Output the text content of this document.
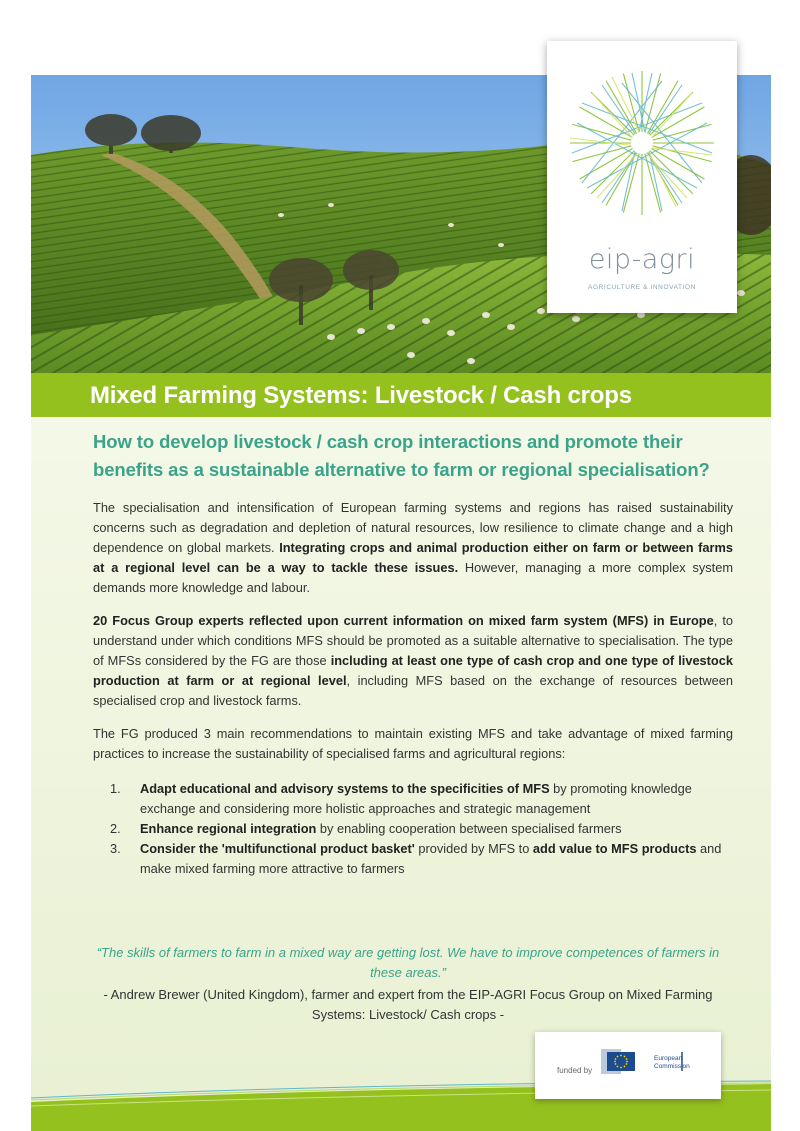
eip-agri
AGRICULTURE & INNOVATION
Mixed Farming Systems: Livestock / Cash crops
How to develop livestock / cash crop interactions and promote their benefits as a sustainable alternative to farm or regional specialisation?

The specialisation and intensification of European farming systems and regions has raised sustainability concerns such as degradation and depletion of natural resources, low resilience to climate change and a high dependence on global markets. Integrating crops and animal production either on farm or between farms at a regional level can be a way to tackle these issues. However, managing a more complex system demands more knowledge and labour.

20 Focus Group experts reflected upon current information on mixed farm system (MFS) in Europe, to understand under which conditions MFS should be promoted as a suitable alternative to specialisation. The type of MFSs considered by the FG are those including at least one type of cash crop and one type of livestock production at farm or at regional level, including MFS based on the exchange of resources between specialised crop and livestock farms.

The FG produced 3 main recommendations to maintain existing MFS and take advantage of mixed farming practices to increase the sustainability of specialised farms and agricultural regions:

1. Adapt educational and advisory systems to the specificities of MFS by promoting knowledge exchange and considering more holistic approaches and strategic management
2. Enhance regional integration by enabling cooperation between specialised farmers
3. Consider the 'multifunctional product basket' provided by MFS to add value to MFS products and make mixed farming more attractive to farmers
“The skills of farmers to farm in a mixed way are getting lost. We have to improve competences of farmers in these areas.”
- Andrew Brewer (United Kingdom), farmer and expert from the EIP-AGRI Focus Group on Mixed Farming Systems: Livestock/ Cash crops -
funded by
European
Commission
